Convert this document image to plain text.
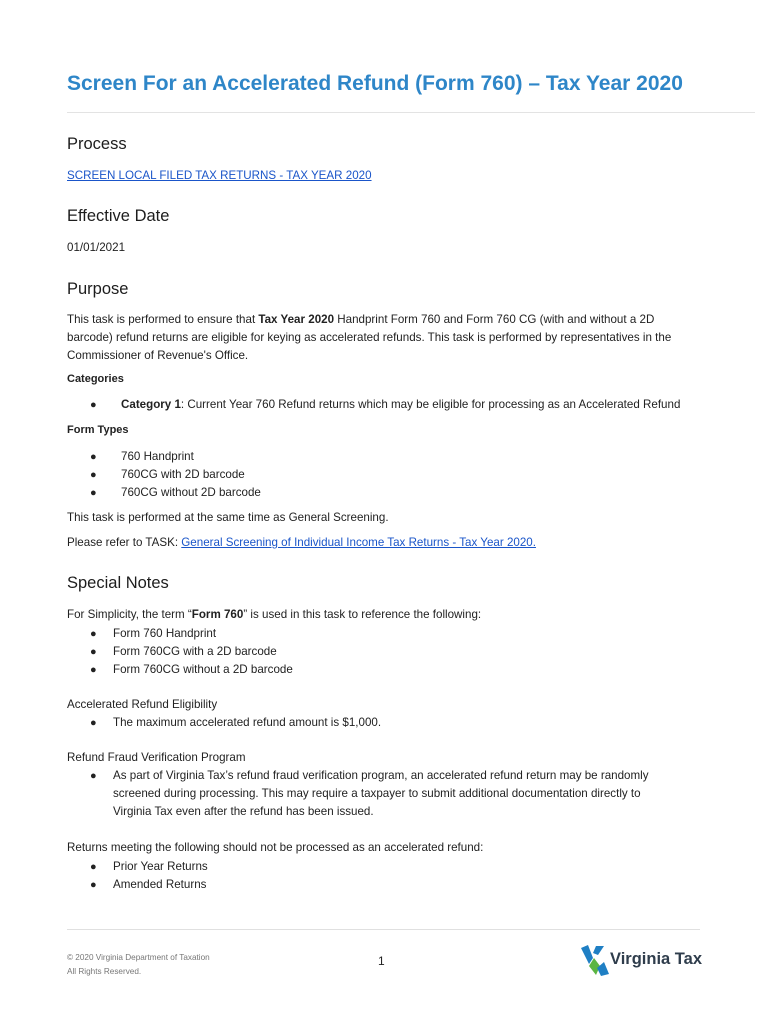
Screen For an Accelerated Refund (Form 760) – Tax Year 2020
Process

SCREEN LOCAL FILED TAX RETURNS - TAX YEAR 2020

Effective Date

01/01/2021

Purpose

This task is performed to ensure that Tax Year 2020 Handprint Form 760 and Form 760 CG (with and without a 2D

barcode) refund returns are eligible for keying as accelerated refunds. This task is performed by representatives in the

Commissioner of Revenue's Office.

Categories

● Category 1: Current Year 760 Refund returns which may be eligible for processing as an Accelerated Refund

Form Types

● 760 Handprint
● 760CG with 2D barcode
● 760CG without 2D barcode

This task is performed at the same time as General Screening.

Please refer to TASK: General Screening of Individual Income Tax Returns - Tax Year 2020.

Special Notes

For Simplicity, the term “Form 760” is used in this task to reference the following:

● Form 760 Handprint
● Form 760CG with a 2D barcode
● Form 760CG without a 2D barcode

Accelerated Refund Eligibility

● The maximum accelerated refund amount is $1,000.

Refund Fraud Verification Program

● As part of Virginia Tax’s refund fraud verification program, an accelerated refund return may be randomly
screened during processing. This may require a taxpayer to submit additional documentation directly to
Virginia Tax even after the refund has been issued.

Returns meeting the following should not be processed as an accelerated refund:

● Prior Year Returns
● Amended Returns
© 2020 Virginia Department of Taxation
All Rights Reserved.
1	Virginia Tax
